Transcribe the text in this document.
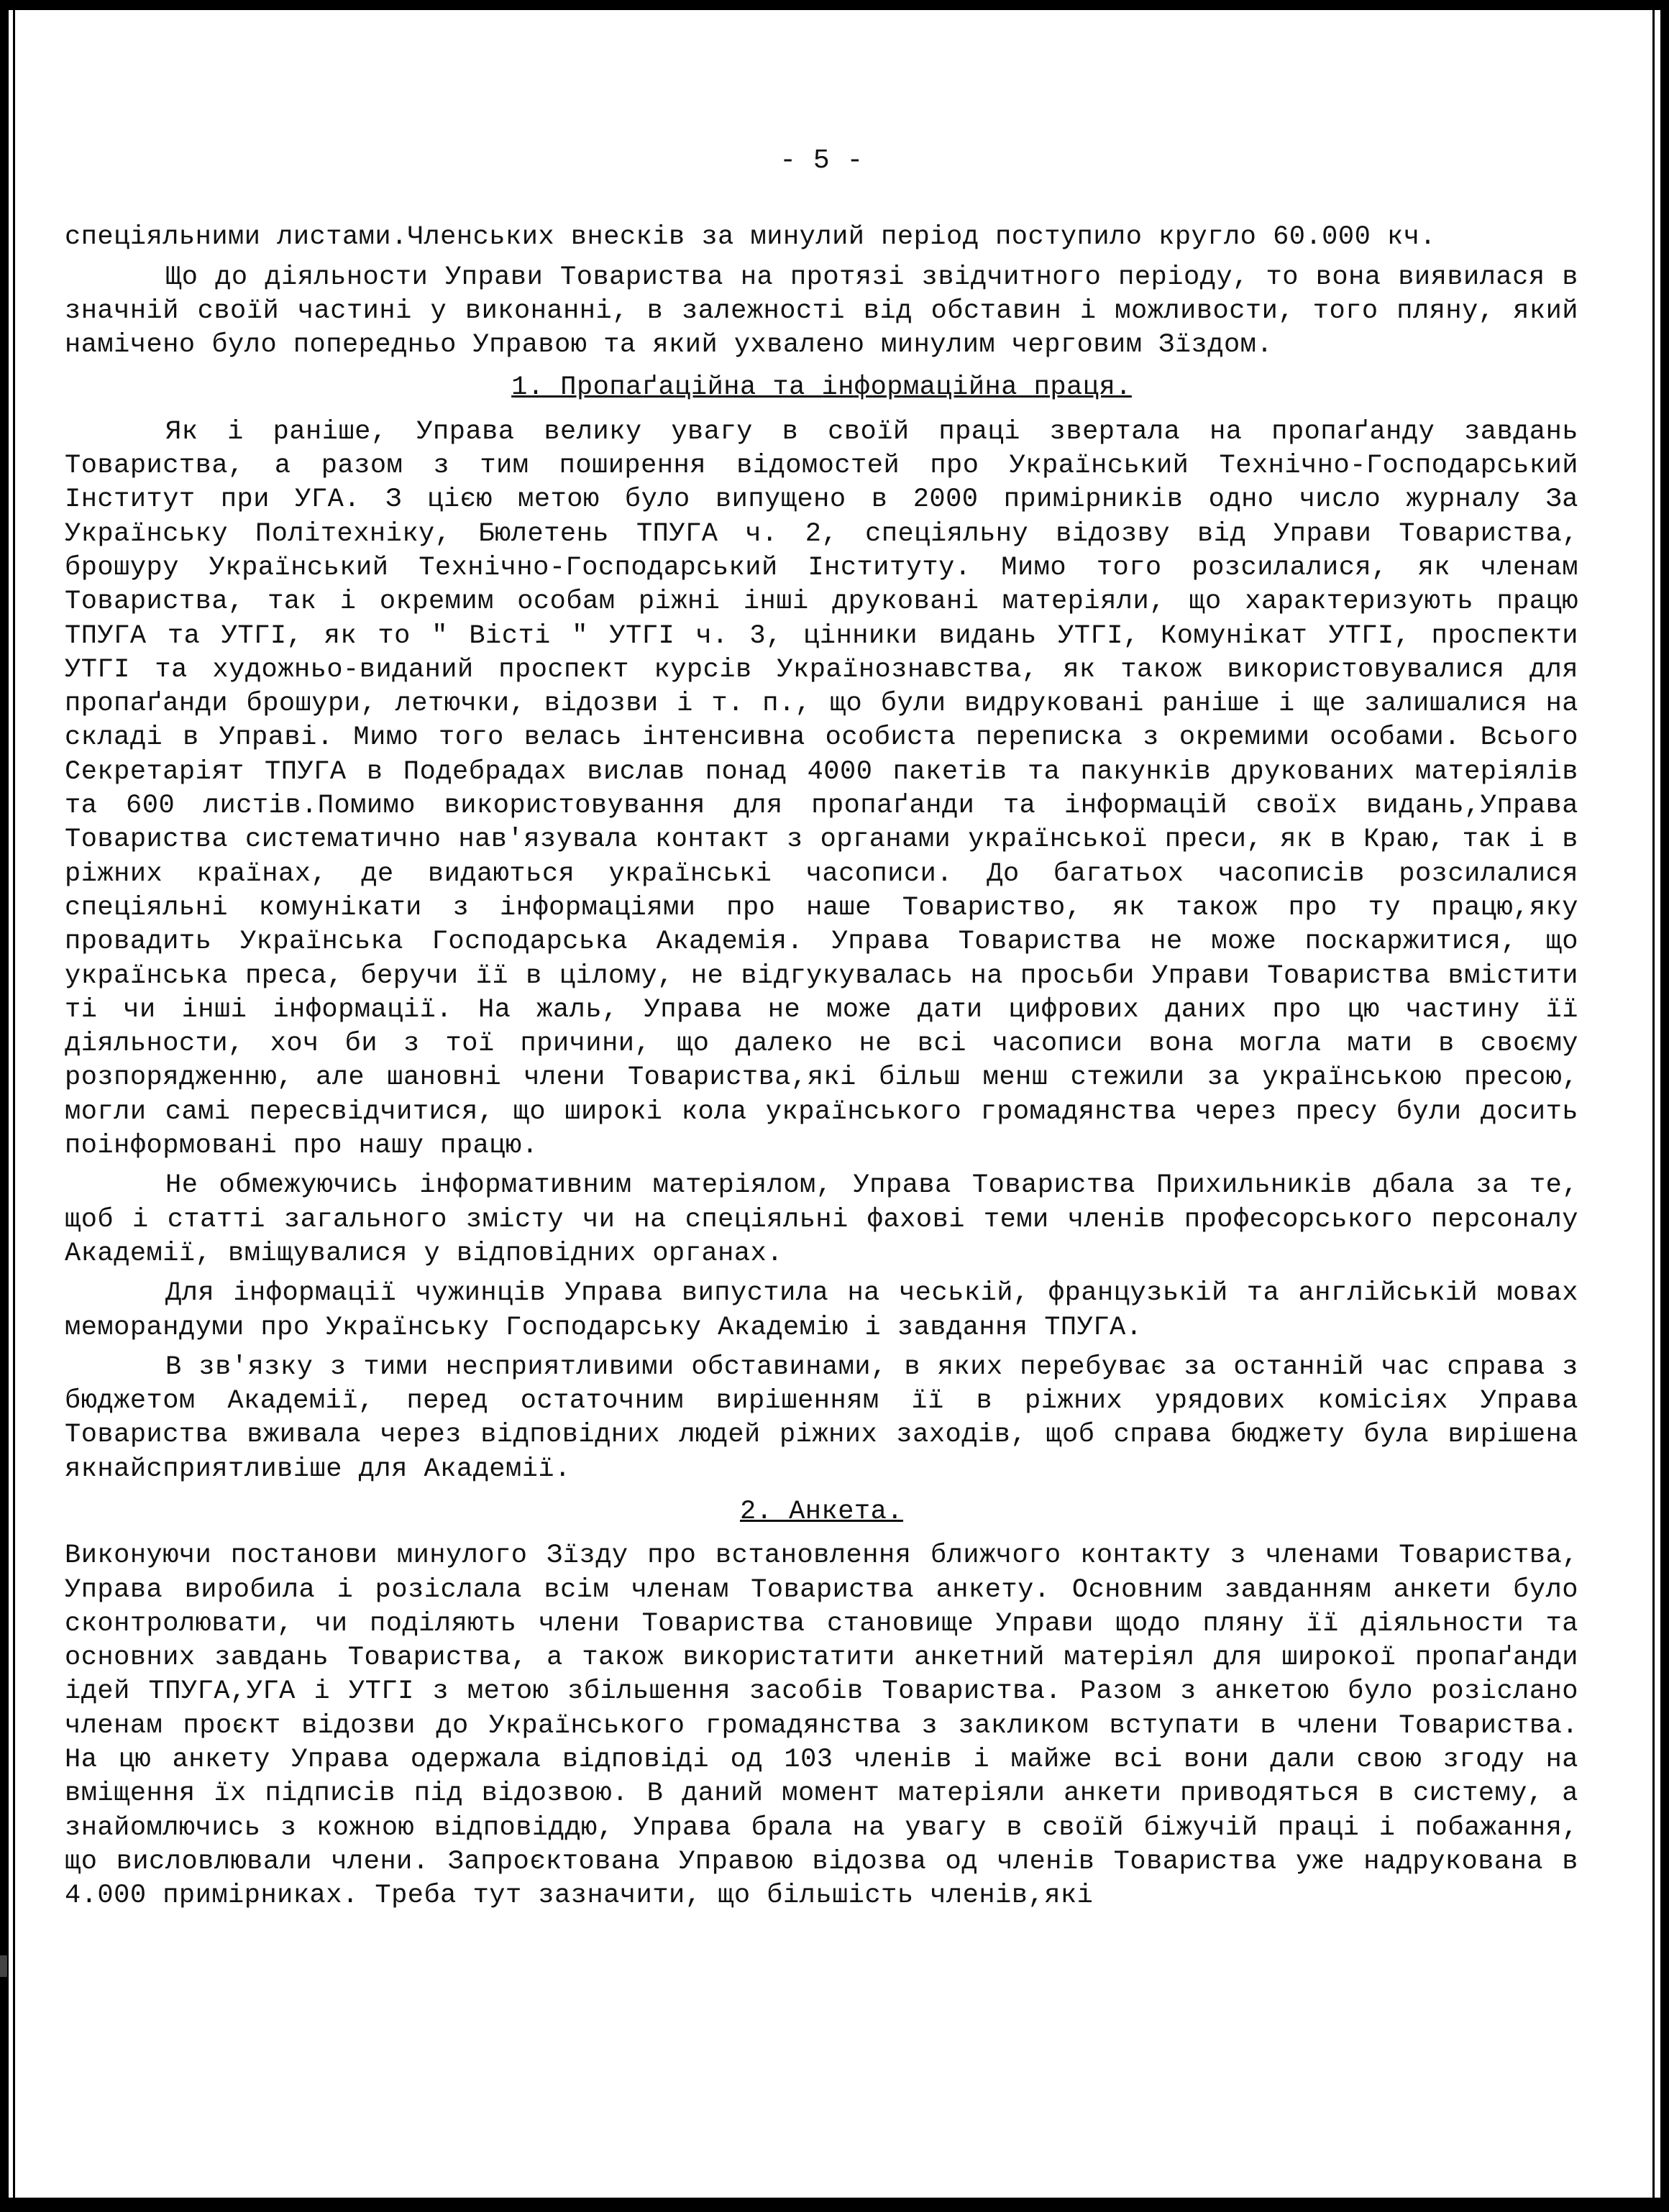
- 5 -

спеціяльними листами.Членських внесків за минулий період поступило кругло 60.000 кч.

Що до діяльности Управи Товариства на протязі звідчитного періоду, то вона виявилася в значній своїй частині у виконанні, в залежності від обставин і можливости, того пляну, який намічено було попередньо Управою та який ухвалено минулим черговим Зїздом.

1. Пропаґаційна та інформаційна праця.

Як і раніше, Управа велику увагу в своїй праці звертала на пропаґанду завдань Товариства, а разом з тим поширення відомостей про Український Технічно-Господарський Інститут при УГА. З цією метою було випущено в 2000 примірників одно число журналу За Українську Політехніку, Бюлетень ТПУГА ч. 2, спеціяльну відозву від Управи Товариства, брошуру Український Технічно-Господарський Інституту. Мимо того розсилалися, як членам Товариства, так і окремим особам ріжні інші друковані матеріяли, що характеризують працю ТПУГА та УТГІ, як то " Вісті " УТГІ ч. 3, цінники видань УТГІ, Комунікат УТГІ, проспекти УТГІ та художньо-виданий проспект курсів Українознавства, як також використовувалися для пропаґанди брошури, летючки, відозви і т. п., що були видруковані раніше і ще залишалися на складі в Управі. Мимо того велась інтенсивна особиста переписка з окремими особами. Всього Секретаріят ТПУГА в Подебрадах вислав понад 4000 пакетів та пакунків друкованих матеріялів та 600 листів.Помимо використовування для пропаґанди та інформацій своїх видань,Управа Товариства систематично нав'язувала контакт з органами української преси, як в Краю, так і в ріжних країнах, де видаються українські часописи. До багатьох часописів розсилалися спеціяльні комунікати з інформаціями про наше Товариство, як також про ту працю,яку провадить Українська Господарська Академія. Управа Товариства не може поскаржитися, що українська преса, беручи її в цілому, не відгукувалась на просьби Управи Товариства вмістити ті чи інші інформації. На жаль, Управа не може дати цифрових даних про цю частину її діяльности, хоч би з тої причини, що далеко не всі часописи вона могла мати в своєму розпорядженню, але шановні члени Товариства,які більш менш стежили за українською пресою, могли самі пересвідчитися, що широкі кола українського громадянства через пресу були досить поінформовані про нашу працю.

Не обмежуючись інформативним матеріялом, Управа Товариства Прихильників дбала за те, щоб і статті загального змісту чи на спеціяльні фахові теми членів професорського персоналу Академії, вміщувалися у відповідних органах.

Для інформації чужинців Управа випустила на чеській, французькій та англійській мовах меморандуми про Українську Господарську Академію і завдання ТПУГА.

В зв'язку з тими несприятливими обставинами, в яких перебуває за останній час справа з бюджетом Академії, перед остаточним вирішенням її в ріжних урядових комісіях Управа Товариства вживала через відповідних людей ріжних заходів, щоб справа бюджету була вирішена якнайсприятливіше для Академії.

2. Анкета.

Виконуючи постанови минулого Зїзду про встановлення ближчого контакту з членами Товариства, Управа виробила і розіслала всім членам Товариства анкету. Основним завданням анкети було сконтролювати, чи поділяють члени Товариства становище Управи щодо пляну її діяльности та основних завдань Товариства, а також використатити анкетний матеріял для широкої пропаґанди ідей ТПУГА,УГА і УТГІ з метою збільшення засобів Товариства. Разом з анкетою було розіслано членам проєкт відозви до Українського громадянства з закликом вступати в члени Товариства. На цю анкету Управа одержала відповіді од 103 членів і майже всі вони дали свою згоду на вміщення їх підписів під відозвою. В даний момент матеріяли анкети приводяться в систему, а знайомлючись з кожною відповіддю, Управа брала на увагу в своїй біжучій праці і побажання, що висловлювали члени. Запроєктована Управою відозва од членів Товариства уже надрукована в 4.000 примірниках. Треба тут зазначити, що більшість членів,які
